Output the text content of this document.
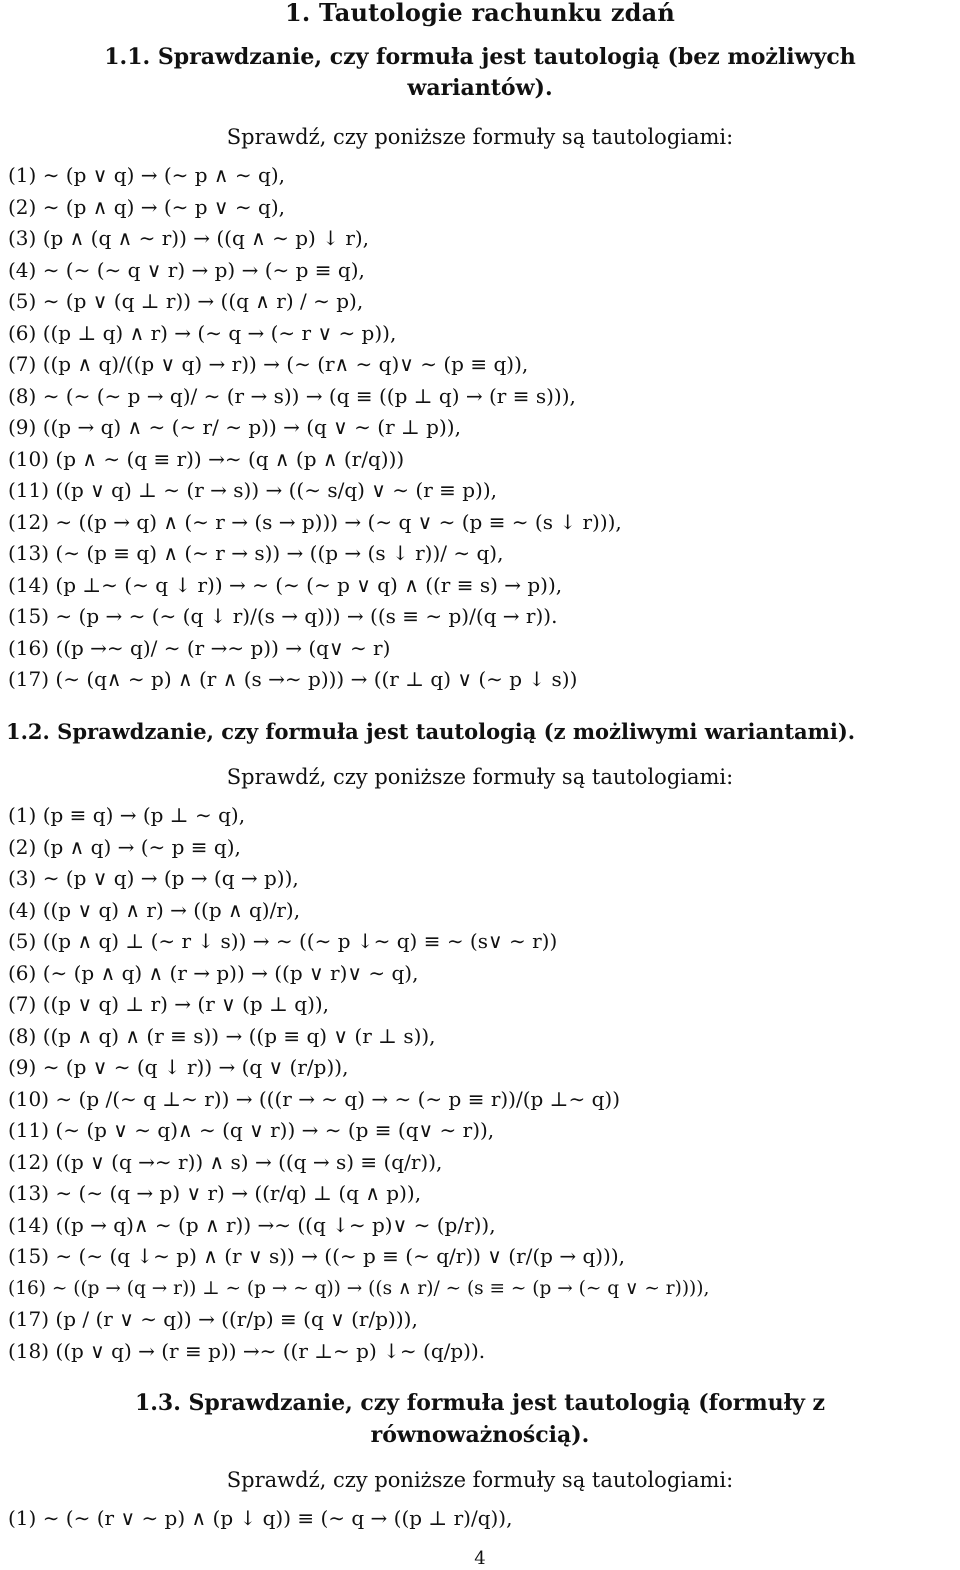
1. Tautologie rachunku zdań
1.1. Sprawdzanie, czy formuła jest tautologią (bez możliwych
wariantów).
Sprawdź, czy poniższe formuły są tautologiami:
(1) ∼ (p ∨ q) → (∼ p ∧ ∼ q),
(2) ∼ (p ∧ q) → (∼ p ∨ ∼ q),
(3) (p ∧ (q ∧ ∼ r)) → ((q ∧ ∼ p) ↓ r),
(4) ∼ (∼ (∼ q ∨ r) → p) → (∼ p ≡ q),
(5) ∼ (p ∨ (q ⊥ r)) → ((q ∧ r) / ∼ p),
(6) ((p ⊥ q) ∧ r) → (∼ q → (∼ r ∨ ∼ p)),
(7) ((p ∧ q)/((p ∨ q) → r)) → (∼ (r∧ ∼ q)∨ ∼ (p ≡ q)),
(8) ∼ (∼ (∼ p → q)/ ∼ (r → s)) → (q ≡ ((p ⊥ q) → (r ≡ s))),
(9) ((p → q) ∧ ∼ (∼ r/ ∼ p)) → (q ∨ ∼ (r ⊥ p)),
(10) (p ∧ ∼ (q ≡ r)) →∼ (q ∧ (p ∧ (r/q)))
(11) ((p ∨ q) ⊥ ∼ (r → s)) → ((∼ s/q) ∨ ∼ (r ≡ p)),
(12) ∼ ((p → q) ∧ (∼ r → (s → p))) → (∼ q ∨ ∼ (p ≡ ∼ (s ↓ r))),
(13) (∼ (p ≡ q) ∧ (∼ r → s)) → ((p → (s ↓ r))/ ∼ q),
(14) (p ⊥∼ (∼ q ↓ r)) → ∼ (∼ (∼ p ∨ q) ∧ ((r ≡ s) → p)),
(15) ∼ (p → ∼ (∼ (q ↓ r)/(s → q))) → ((s ≡ ∼ p)/(q → r)).
(16) ((p →∼ q)/ ∼ (r →∼ p)) → (q∨ ∼ r)
(17) (∼ (q∧ ∼ p) ∧ (r ∧ (s →∼ p))) → ((r ⊥ q) ∨ (∼ p ↓ s))
1.2. Sprawdzanie, czy formuła jest tautologią (z możliwymi wariantami).
Sprawdź, czy poniższe formuły są tautologiami:
(1) (p ≡ q) → (p ⊥ ∼ q),
(2) (p ∧ q) → (∼ p ≡ q),
(3) ∼ (p ∨ q) → (p → (q → p)),
(4) ((p ∨ q) ∧ r) → ((p ∧ q)/r),
(5) ((p ∧ q) ⊥ (∼ r ↓ s)) → ∼ ((∼ p ↓∼ q) ≡ ∼ (s∨ ∼ r))
(6) (∼ (p ∧ q) ∧ (r → p)) → ((p ∨ r)∨ ∼ q),
(7) ((p ∨ q) ⊥ r) → (r ∨ (p ⊥ q)),
(8) ((p ∧ q) ∧ (r ≡ s)) → ((p ≡ q) ∨ (r ⊥ s)),
(9) ∼ (p ∨ ∼ (q ↓ r)) → (q ∨ (r/p)),
(10) ∼ (p /(∼ q ⊥∼ r)) → (((r → ∼ q) → ∼ (∼ p ≡ r))/(p ⊥∼ q))
(11) (∼ (p ∨ ∼ q)∧ ∼ (q ∨ r)) → ∼ (p ≡ (q∨ ∼ r)),
(12) ((p ∨ (q →∼ r)) ∧ s) → ((q → s) ≡ (q/r)),
(13) ∼ (∼ (q → p) ∨ r) → ((r/q) ⊥ (q ∧ p)),
(14) ((p → q)∧ ∼ (p ∧ r)) →∼ ((q ↓∼ p)∨ ∼ (p/r)),
(15) ∼ (∼ (q ↓∼ p) ∧ (r ∨ s)) → ((∼ p ≡ (∼ q/r)) ∨ (r/(p → q))),
(16) ∼ ((p → (q → r)) ⊥ ∼ (p → ∼ q)) → ((s ∧ r)/ ∼ (s ≡ ∼ (p → (∼ q ∨ ∼ r)))),
(17) (p / (r ∨ ∼ q)) → ((r/p) ≡ (q ∨ (r/p))),
(18) ((p ∨ q) → (r ≡ p)) →∼ ((r ⊥∼ p) ↓∼ (q/p)).
1.3. Sprawdzanie, czy formuła jest tautologią (formuły z
równoważnością).
Sprawdź, czy poniższe formuły są tautologiami:
(1) ∼ (∼ (r ∨ ∼ p) ∧ (p ↓ q)) ≡ (∼ q → ((p ⊥ r)/q)),
4
